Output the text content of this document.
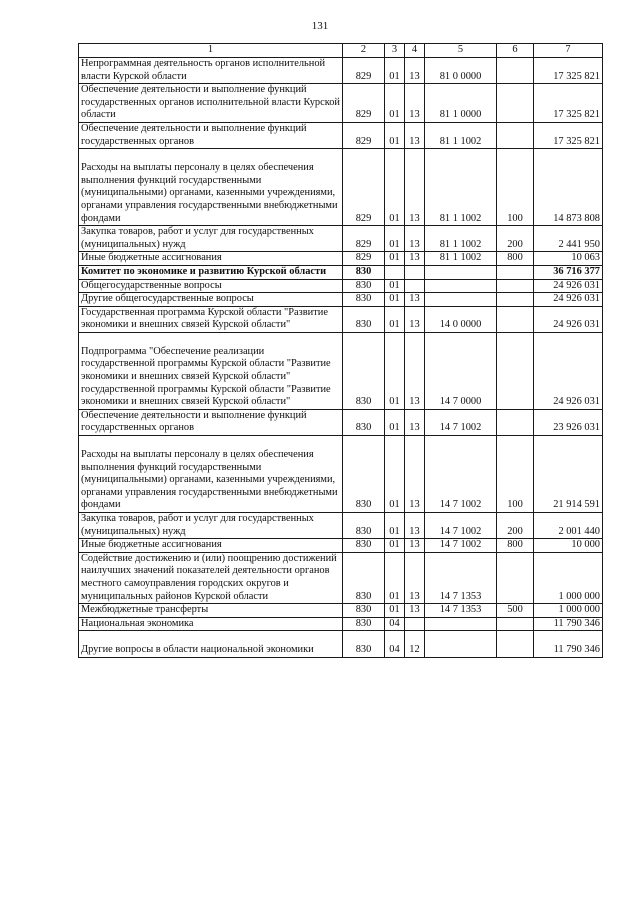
131
1	2	3	4	5	6	7
Непрограммная деятельность органов исполнительной власти Курской области	829	01	13	81 0 0000		17 325 821
Обеспечение деятельности и выполнение функций государственных органов исполнительной власти Курской области	829	01	13	81 1 0000		17 325 821
Обеспечение деятельности и выполнение функций государственных органов	829	01	13	81 1 1002		17 325 821
Расходы на выплаты персоналу в целях обеспечения выполнения функций государственными (муниципальными) органами, казенными учреждениями, органами управления государственными внебюджетными фондами	829	01	13	81 1 1002	100	14 873 808
Закупка товаров, работ и услуг для государственных (муниципальных) нужд	829	01	13	81 1 1002	200	2 441 950
Иные бюджетные ассигнования	829	01	13	81 1 1002	800	10 063
Комитет по экономике и развитию Курской области	830					36 716 377
Общегосударственные вопросы	830	01				24 926 031
Другие общегосударственные вопросы	830	01	13			24 926 031
Государственная программа Курской области "Развитие экономики и внешних связей Курской области"	830	01	13	14 0 0000		24 926 031
Подпрограмма "Обеспечение реализации государственной программы Курской области "Развитие экономики и внешних связей Курской области" государственной программы Курской области "Развитие экономики и внешних связей Курской области"	830	01	13	14 7 0000		24 926 031
Обеспечение деятельности и выполнение функций государственных органов	830	01	13	14 7 1002		23 926 031
Расходы на выплаты персоналу в целях обеспечения выполнения функций государственными (муниципальными) органами, казенными учреждениями, органами управления государственными внебюджетными фондами	830	01	13	14 7 1002	100	21 914 591
Закупка товаров, работ и услуг для государственных (муниципальных) нужд	830	01	13	14 7 1002	200	2 001 440
Иные бюджетные ассигнования	830	01	13	14 7 1002	800	10 000
Содействие достижению и (или) поощрению достижений наилучших значений показателей деятельности органов местного самоуправления городских округов и муниципальных районов Курской области	830	01	13	14 7 1353		1 000 000
Межбюджетные трансферты	830	01	13	14 7 1353	500	1 000 000
Национальная экономика	830	04				11 790 346
Другие вопросы в области национальной экономики	830	04	12			11 790 346
